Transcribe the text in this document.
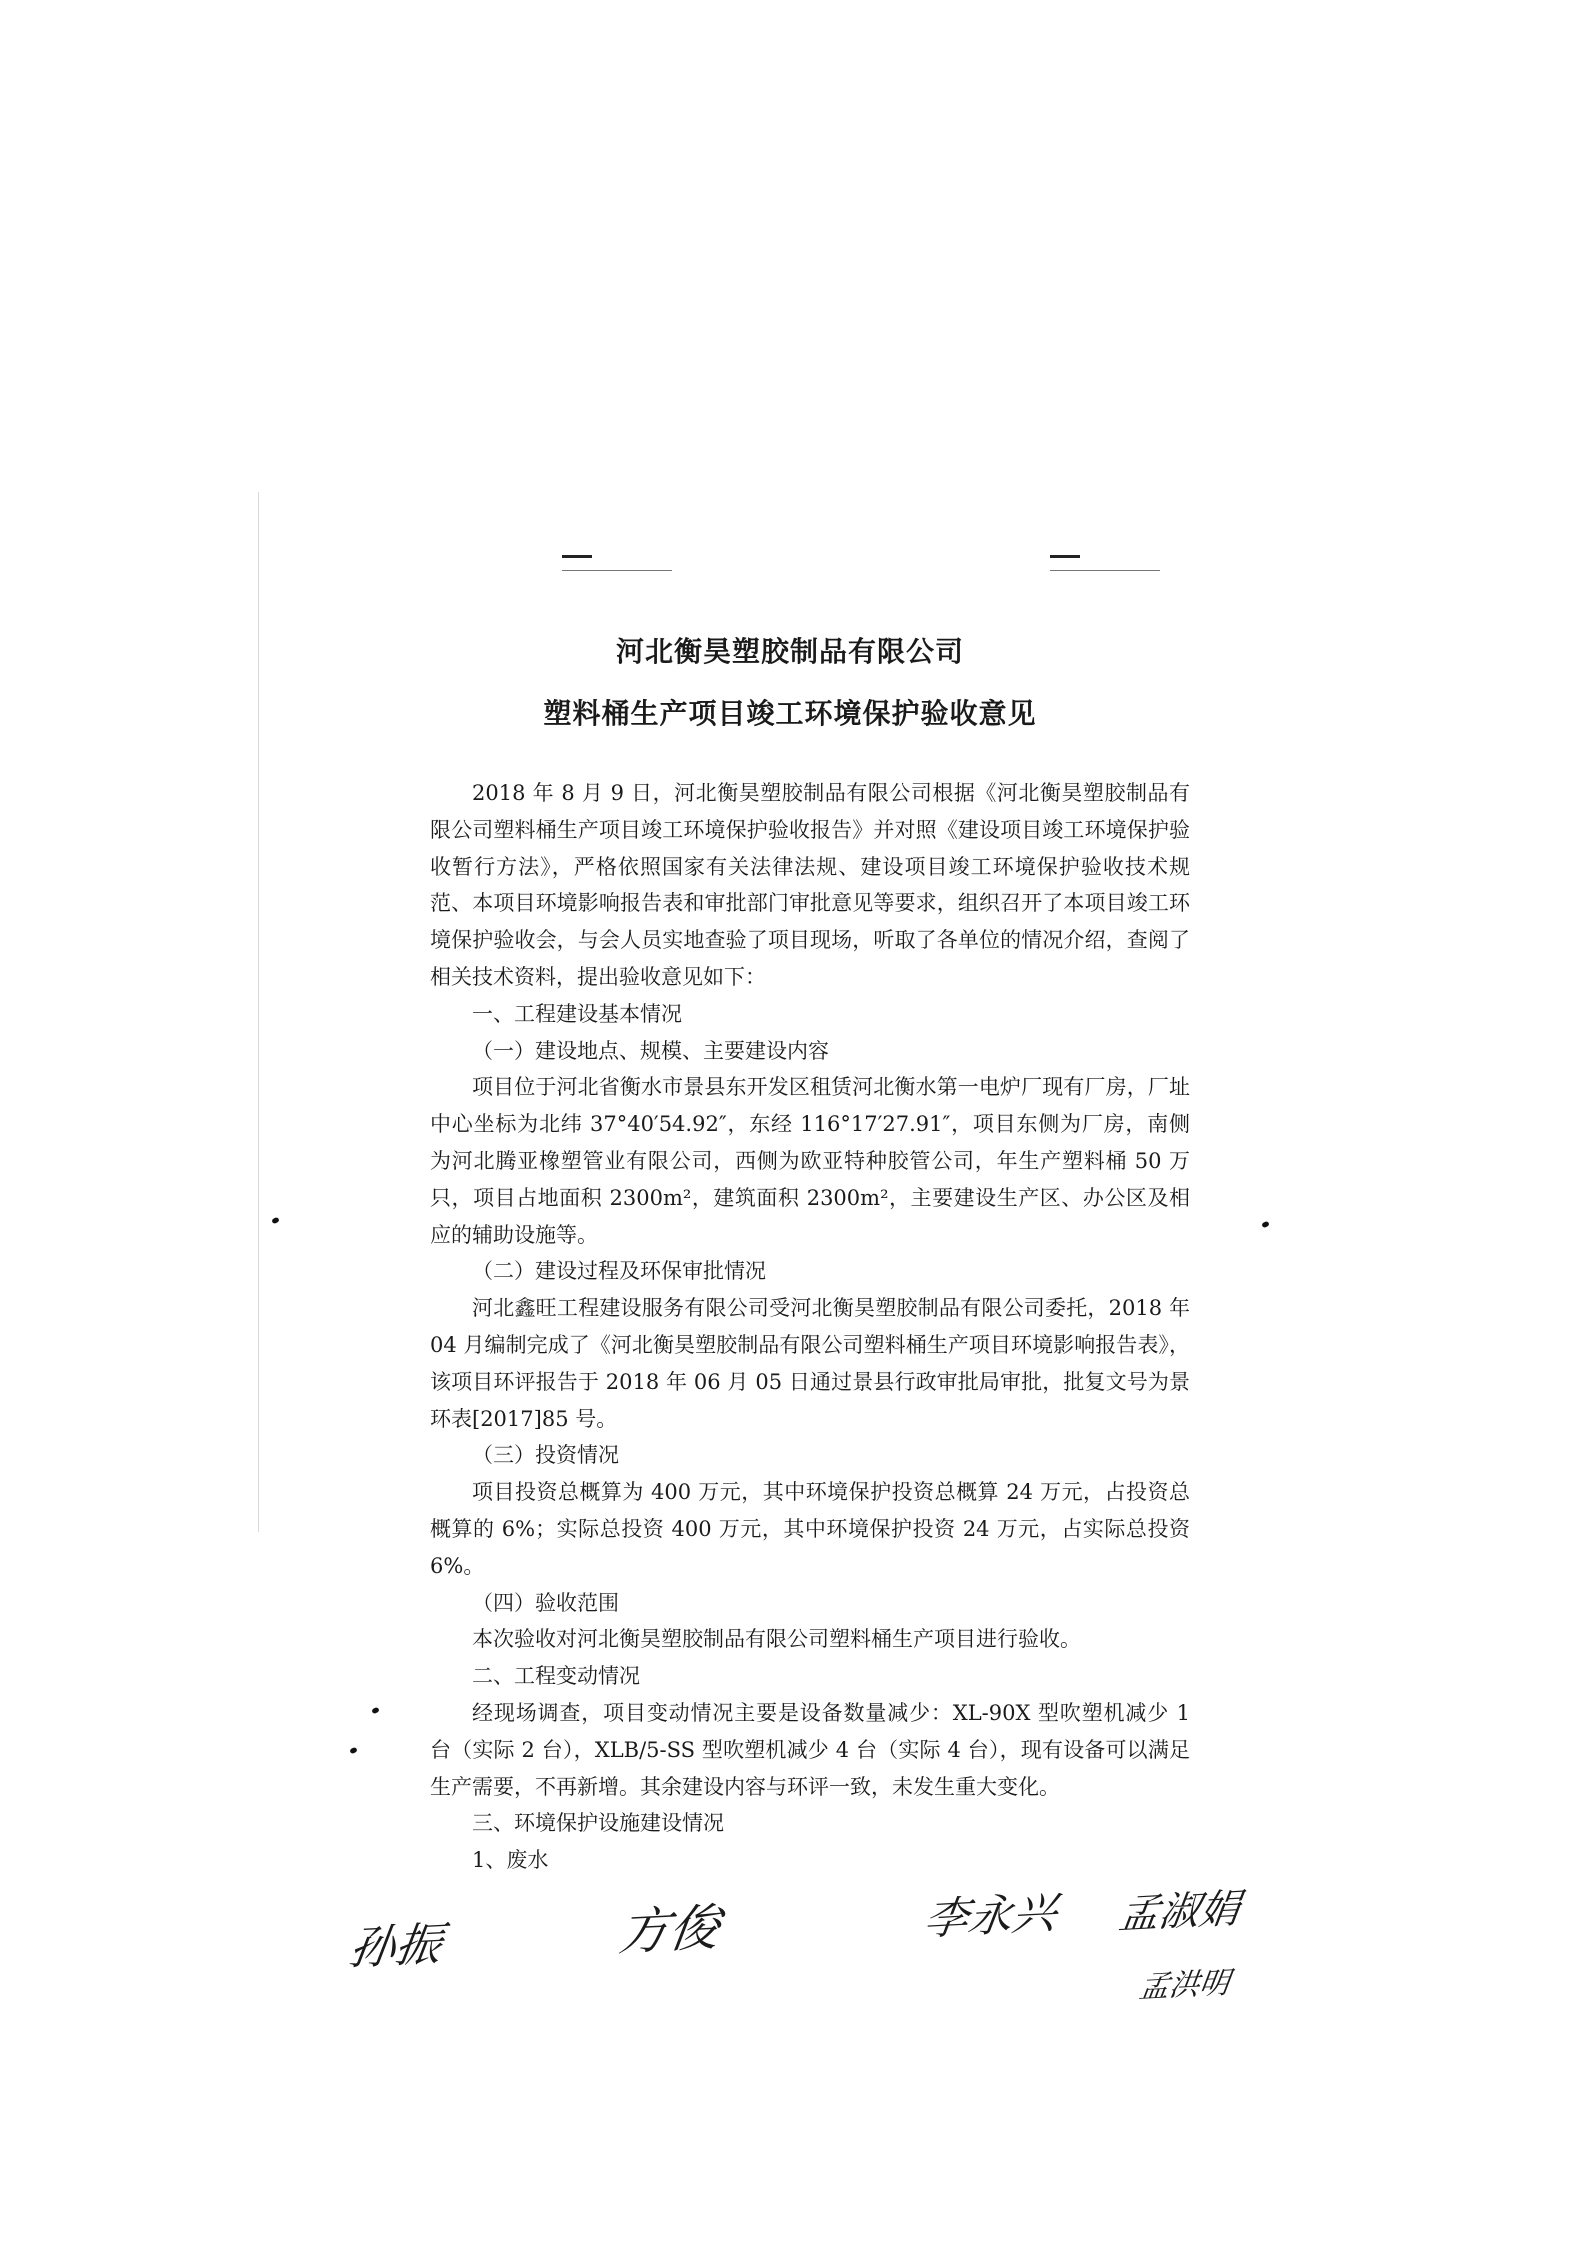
河北衡昊塑胶制品有限公司
塑料桶生产项目竣工环境保护验收意见

2018 年 8 月 9 日，河北衡昊塑胶制品有限公司根据《河北衡昊塑胶制品有限公司塑料桶生产项目竣工环境保护验收报告》并对照《建设项目竣工环境保护验收暂行方法》，严格依照国家有关法律法规、建设项目竣工环境保护验收技术规范、本项目环境影响报告表和审批部门审批意见等要求，组织召开了本项目竣工环境保护验收会，与会人员实地查验了项目现场，听取了各单位的情况介绍，查阅了相关技术资料，提出验收意见如下：

一、工程建设基本情况

（一）建设地点、规模、主要建设内容

项目位于河北省衡水市景县东开发区租赁河北衡水第一电炉厂现有厂房，厂址中心坐标为北纬 37°40′54.92″，东经 116°17′27.91″，项目东侧为厂房，南侧为河北腾亚橡塑管业有限公司，西侧为欧亚特种胶管公司，年生产塑料桶 50 万只，项目占地面积 2300m²，建筑面积 2300m²，主要建设生产区、办公区及相应的辅助设施等。

（二）建设过程及环保审批情况

河北鑫旺工程建设服务有限公司受河北衡昊塑胶制品有限公司委托，2018 年 04 月编制完成了《河北衡昊塑胶制品有限公司塑料桶生产项目环境影响报告表》，该项目环评报告于 2018 年 06 月 05 日通过景县行政审批局审批，批复文号为景环表[2017]85 号。

（三）投资情况

项目投资总概算为 400 万元，其中环境保护投资总概算 24 万元，占投资总概算的 6%；实际总投资 400 万元，其中环境保护投资 24 万元，占实际总投资 6%。

（四）验收范围

本次验收对河北衡昊塑胶制品有限公司塑料桶生产项目进行验收。

二、工程变动情况

经现场调查，项目变动情况主要是设备数量减少：XL-90X 型吹塑机减少 1 台（实际 2 台），XLB/5-SS 型吹塑机减少 4 台（实际 4 台），现有设备可以满足生产需要，不再新增。其余建设内容与环评一致，未发生重大变化。

三、环境保护设施建设情况

1、废水

孙振	方俊	李永兴 孟淑娟
孟洪明
